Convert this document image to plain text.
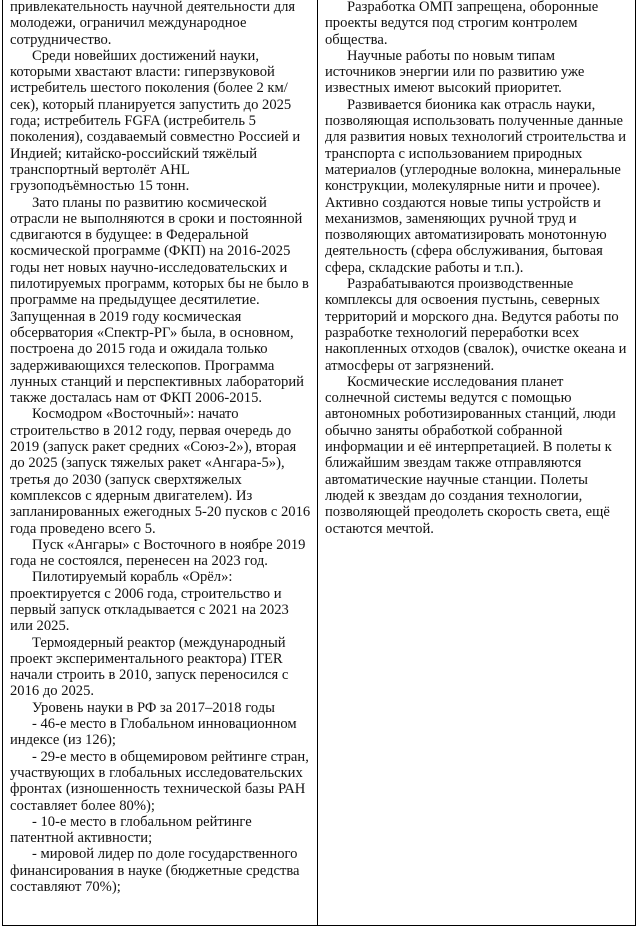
привлекательность научной деятельности для молодежи, ограничил международное сотрудничество.

Среди новейших достижений науки, которыми хвастают власти: гиперзвуковой истребитель шестого поколения (более 2 км/сек), который планируется запустить до 2025 года; истребитель FGFA (истребитель 5 поколения), создаваемый совместно Россией и Индией; китайско-российский тяжёлый транспортный вертолёт AHL грузоподъёмностью 15 тонн.

Зато планы по развитию космической отрасли не выполняются в сроки и постоянной сдвигаются в будущее: в Федеральной космической программе (ФКП) на 2016-2025 годы нет новых научно-исследовательских и пилотируемых программ, которых бы не было в программе на предыдущее десятилетие. Запущенная в 2019 году космическая обсерватория «Спектр-РГ» была, в основном, построена до 2015 года и ожидала только задерживающихся телескопов. Программа лунных станций и перспективных лабораторий также досталась нам от ФКП 2006-2015.

Космодром «Восточный»: начато строительство в 2012 году, первая очередь до 2019 (запуск ракет средних «Союз-2»), вторая до 2025 (запуск тяжелых ракет «Ангара-5»), третья до 2030 (запуск сверхтяжелых комплексов с ядерным двигателем). Из запланированных ежегодных 5-20 пусков с 2016 года проведено всего 5.

Пуск «Ангары» с Восточного в ноябре 2019 года не состоялся, перенесен на 2023 год.

Пилотируемый корабль «Орёл»: проектируется с 2006 года, строительство и первый запуск откладывается с 2021 на 2023 или 2025.

Термоядерный реактор (международный проект экспериментального реактора) ITER начали строить в 2010, запуск переносился с 2016 до 2025.

Уровень науки в РФ за 2017–2018 годы

- 46-е место в Глобальном инновационном индексе (из 126);

- 29-е место в общемировом рейтинге стран, участвующих в глобальных исследовательских фронтах (изношенность технической базы РАН составляет более 80%);

- 10-е место в глобальном рейтинге патентной активности;

- мировой лидер по доле государственного финансирования в науке (бюджетные средства составляют 70%);

Разработка ОМП запрещена, оборонные проекты ведутся под строгим контролем общества.

Научные работы по новым типам источников энергии или по развитию уже известных имеют высокий приоритет.

Развивается бионика как отрасль науки, позволяющая использовать полученные данные для развития новых технологий строительства и транспорта с использованием природных материалов (углеродные волокна, минеральные конструкции, молекулярные нити и прочее). Активно создаются новые типы устройств и механизмов, заменяющих ручной труд и позволяющих автоматизировать монотонную деятельность (сфера обслуживания, бытовая сфера, складские работы и т.п.).

Разрабатываются производственные комплексы для освоения пустынь, северных территорий и морского дна. Ведутся работы по разработке технологий переработки всех накопленных отходов (свалок), очистке океана и атмосферы от загрязнений.

Космические исследования планет солнечной системы ведутся с помощью автономных роботизированных станций, люди обычно заняты обработкой собранной информации и её интерпретацией. В полеты к ближайшим звездам также отправляются автоматические научные станции. Полеты людей к звездам до создания технологии, позволяющей преодолеть скорость света, ещё остаются мечтой.
